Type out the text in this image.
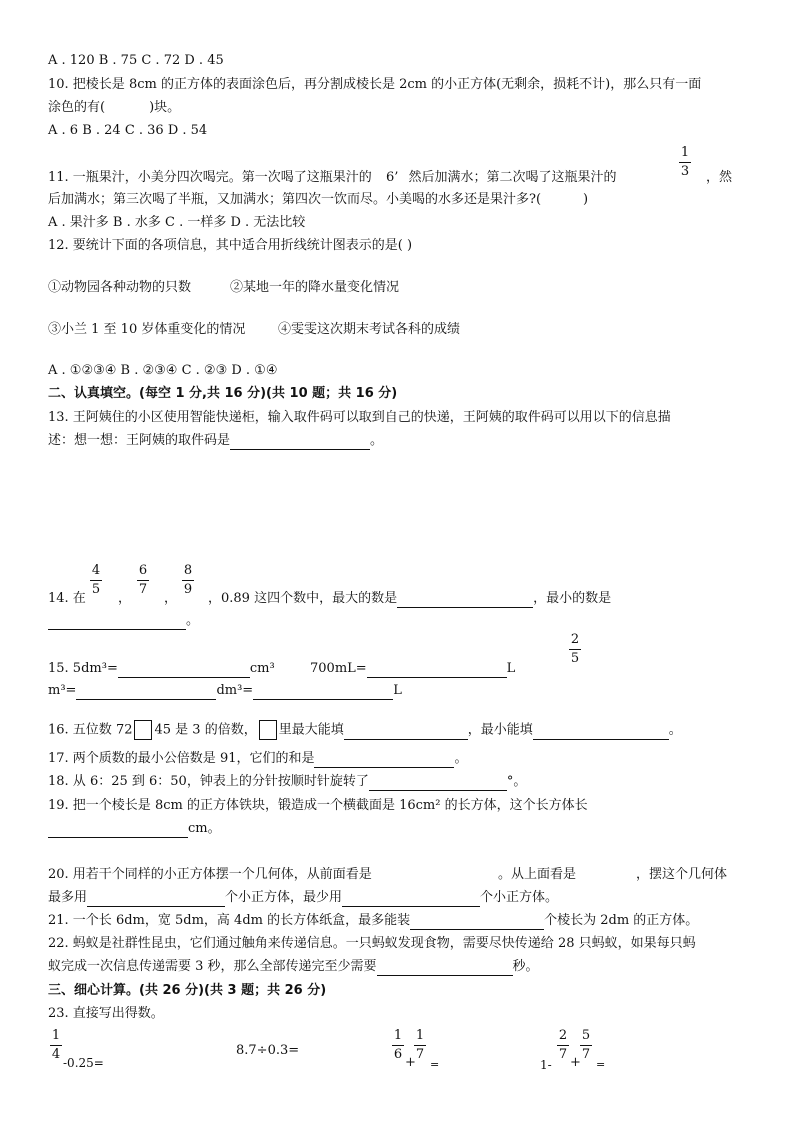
A . 120 B . 75 C . 72 D . 45
10. 把棱长是 8cm 的正方体的表面涂色后，再分割成棱长是 2cm 的小正方体(无剩余，损耗不计)，那么只有一面
涂色的有(	)块。
A . 6 B . 24 C . 36 D . 54
1
3
11. 一瓶果汁，小美分四次喝完。第一次喝了这瓶果汁的 6’ 然后加满水；第二次喝了这瓶果汁的	，然
后加满水；第三次喝了半瓶，又加满水；第四次一饮而尽。小美喝的水多还是果汁多?(	)
A . 果汁多 B . 水多 C . 一样多 D . 无法比较
12. 要统计下面的各项信息，其中适合用折线统计图表示的是( )
①动物园各种动物的只数	②某地一年的降水量变化情况
③小兰 1 至 10 岁体重变化的情况	④雯雯这次期末考试各科的成绩
A . ①②③④ B . ②③④ C . ②③ D . ①④
二、认真填空。(每空 1 分,共 16 分)(共 10 题；共 16 分)
13. 王阿姨住的小区使用智能快递柜，输入取件码可以取到自己的快递，王阿姨的取件码可以用以下的信息描
述：想一想：王阿姨的取件码是	。
4
5
6
7
8
9
14. 在 ，	， ，0.89 这四个数中，最大的数是	，最小的数是
。
2
5
15. 5dm³=	cm³	700mL=	L
m³=	dm³=	L
16. 五位数 72 45 是 3 的倍数， 里最大能填	，最小能填	。
17. 两个质数的最小公倍数是 91，它们的和是	。
18. 从 6：25 到 6：50，钟表上的分针按顺时针旋转了	°。
19. 把一个棱长是 8cm 的正方体铁块，锻造成一个横截面是 16cm² 的长方体，这个长方体长
cm。
20. 用若干个同样的小正方体摆一个几何体，从前面看是	。从上面看是	，摆这个几何体
最多用	个小正方体，最少用	个小正方体。
21. 一个长 6dm，宽 5dm，高 4dm 的长方体纸盒，最多能装	个棱长为 2dm 的正方体。
22. 蚂蚁是社群性昆虫，它们通过触角来传递信息。一只蚂蚁发现食物，需要尽快传递给 28 只蚂蚁，如果每只蚂
蚁完成一次信息传递需要 3 秒，那么全部传递完至少需要	秒。
三、细心计算。(共 26 分)(共 3 题；共 26 分)
23. 直接写出得数。
1
4
-0.25=
8.7÷0.3=
1
6
+
1
7
=	1-
2
7
+
5
7
=
